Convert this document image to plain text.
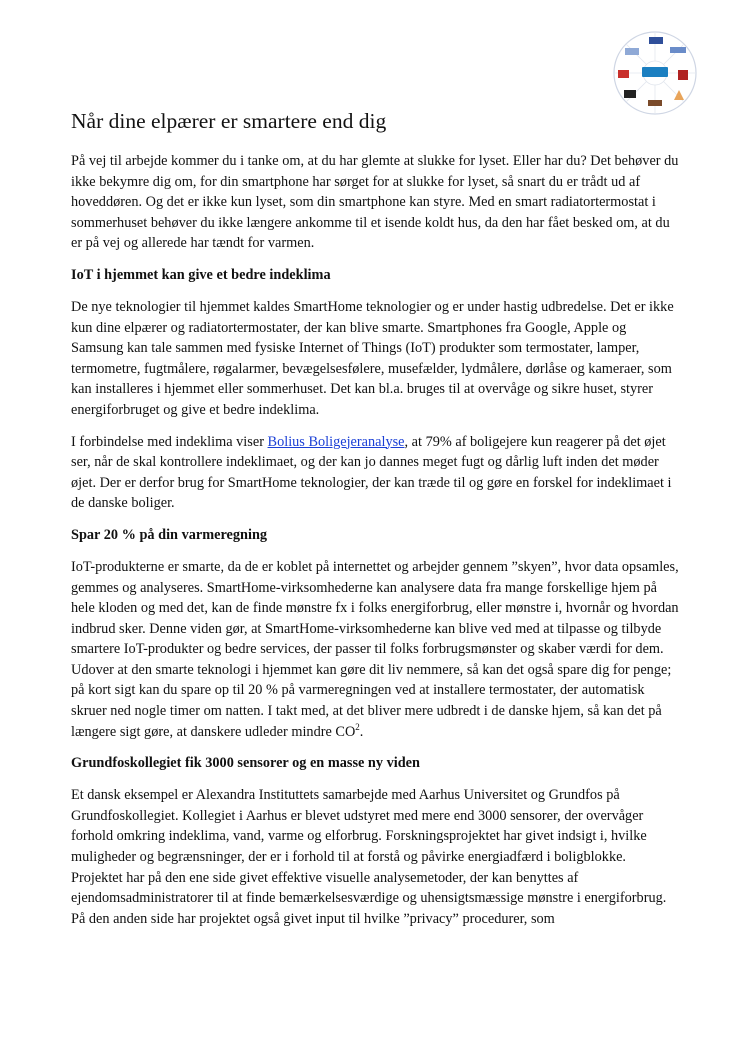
Når dine elpærer er smartere end dig

På vej til arbejde kommer du i tanke om, at du har glemte at slukke for lyset. Eller har du? Det behøver du ikke bekymre dig om, for din smartphone har sørget for at slukke for lyset, så snart du er trådt ud af hoveddøren. Og det er ikke kun lyset, som din smartphone kan styre. Med en smart radiatortermostat i sommerhuset behøver du ikke længere ankomme til et isende koldt hus, da den har fået besked om, at du er på vej og allerede har tændt for varmen.

IoT i hjemmet kan give et bedre indeklima

De nye teknologier til hjemmet kaldes SmartHome teknologier og er under hastig udbredelse. Det er ikke kun dine elpærer og radiatortermostater, der kan blive smarte. Smartphones fra Google, Apple og Samsung kan tale sammen med fysiske Internet of Things (IoT) produkter som termostater, lamper, termometre, fugtmålere, røgalarmer, bevægelsesfølere, musefælder, lydmålere, dørlåse og kameraer, som kan installeres i hjemmet eller sommerhuset. Det kan bl.a. bruges til at overvåge og sikre huset, styrer energiforbruget og give et bedre indeklima.

I forbindelse med indeklima viser Bolius Boligejeranalyse, at 79% af boligejere kun reagerer på det øjet ser, når de skal kontrollere indeklimaet, og der kan jo dannes meget fugt og dårlig luft inden det møder øjet. Der er derfor brug for SmartHome teknologier, der kan træde til og gøre en forskel for indeklimaet i de danske boliger.

Spar 20 % på din varmeregning

IoT-produkterne er smarte, da de er koblet på internettet og arbejder gennem ”skyen”, hvor data opsamles, gemmes og analyseres. SmartHome-virksomhederne kan analysere data fra mange forskellige hjem på hele kloden og med det, kan de finde mønstre fx i folks energiforbrug, eller mønstre i, hvornår og hvordan indbrud sker. Denne viden gør, at SmartHome-virksomhederne kan blive ved med at tilpasse og tilbyde smartere IoT-produkter og bedre services, der passer til folks forbrugsmønster og skaber værdi for dem. Udover at den smarte teknologi i hjemmet kan gøre dit liv nemmere, så kan det også spare dig for penge; på kort sigt kan du spare op til 20 % på varmeregningen ved at installere termostater, der automatisk skruer ned nogle timer om natten. I takt med, at det bliver mere udbredt i de danske hjem, så kan det på længere sigt gøre, at danskere udleder mindre $CO^2$.

Grundfoskollegiet fik 3000 sensorer og en masse ny viden

Et dansk eksempel er Alexandra Instituttets samarbejde med Aarhus Universitet og Grundfos på Grundfoskollegiet. Kollegiet i Aarhus er blevet udstyret med mere end 3000 sensorer, der overvåger forhold omkring indeklima, vand, varme og elforbrug. Forskningsprojektet har givet indsigt i, hvilke muligheder og begrænsninger, der er i forhold til at forstå og påvirke energiadfærd i boligblokke. Projektet har på den ene side givet effektive visuelle analysemetoder, der kan benyttes af ejendomsadministratorer til at finde bemærkelsesværdige og uhensigtsmæssige mønstre i energiforbrug. På den anden side har projektet også givet input til hvilke ”privacy” procedurer, som
